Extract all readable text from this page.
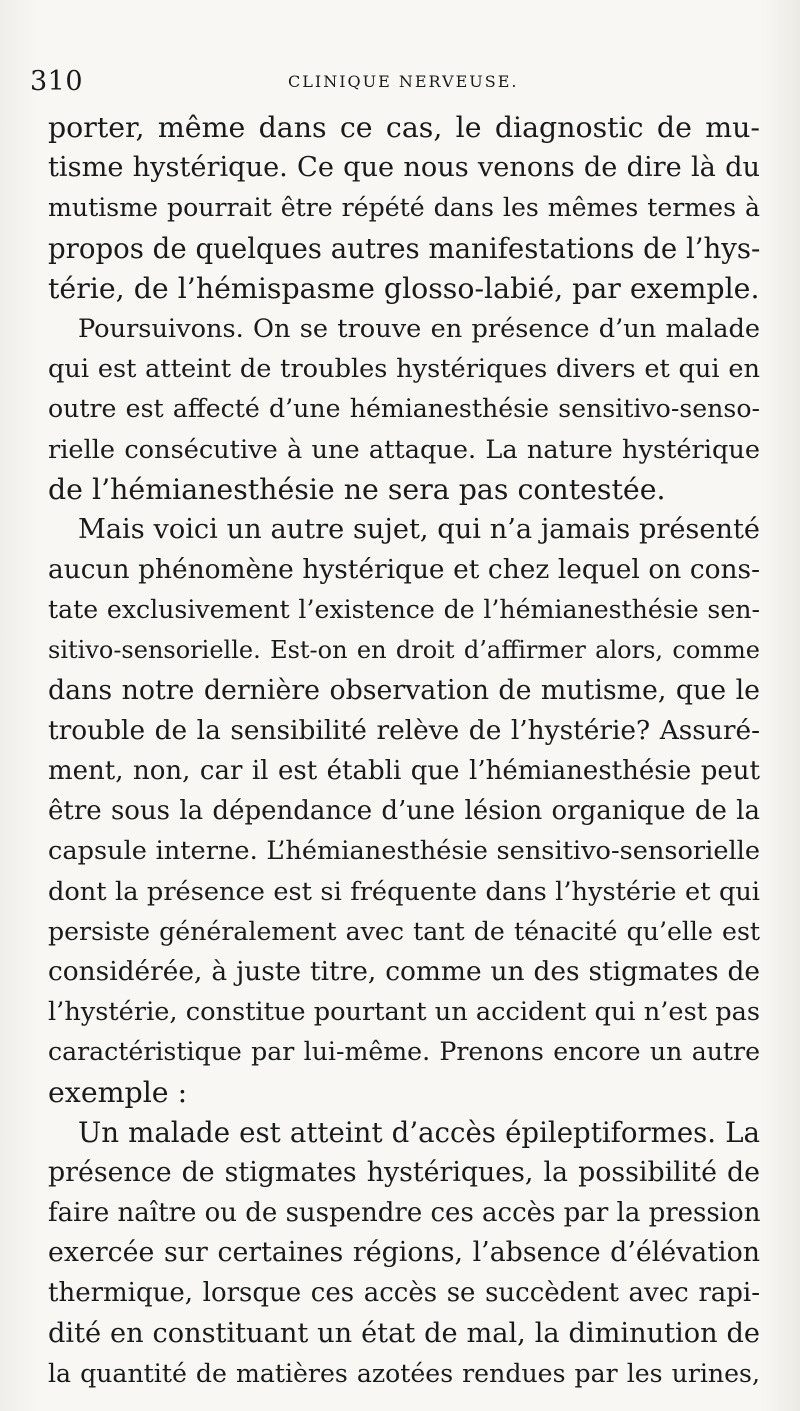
310	CLINIQUE NERVEUSE.
porter, même dans ce cas, le diagnostic de mu-
tisme hystérique. Ce que nous venons de dire là du
mutisme pourrait être répété dans les mêmes termes à
propos de quelques autres manifestations de l’hys-
térie, de l’hémispasme glosso-labié, par exemple.
Poursuivons. On se trouve en présence d’un malade
qui est atteint de troubles hystériques divers et qui en
outre est affecté d’une hémianesthésie sensitivo-senso-
rielle consécutive à une attaque. La nature hystérique
de l’hémianesthésie ne sera pas contestée.
Mais voici un autre sujet, qui n’a jamais présenté
aucun phénomène hystérique et chez lequel on cons-
tate exclusivement l’existence de l’hémianesthésie sen-
sitivo-sensorielle. Est-on en droit d’affirmer alors, comme
dans notre dernière observation de mutisme, que le
trouble de la sensibilité relève de l’hystérie? Assuré-
ment, non, car il est établi que l’hémianesthésie peut
être sous la dépendance d’une lésion organique de la
capsule interne. L’hémianesthésie sensitivo-sensorielle
dont la présence est si fréquente dans l’hystérie et qui
persiste généralement avec tant de ténacité qu’elle est
considérée, à juste titre, comme un des stigmates de
l’hystérie, constitue pourtant un accident qui n’est pas
caractéristique par lui-même. Prenons encore un autre
exemple :
Un malade est atteint d’accès épileptiformes. La
présence de stigmates hystériques, la possibilité de
faire naître ou de suspendre ces accès par la pression
exercée sur certaines régions, l’absence d’élévation
thermique, lorsque ces accès se succèdent avec rapi-
dité en constituant un état de mal, la diminution de
la quantité de matières azotées rendues par les urines,
